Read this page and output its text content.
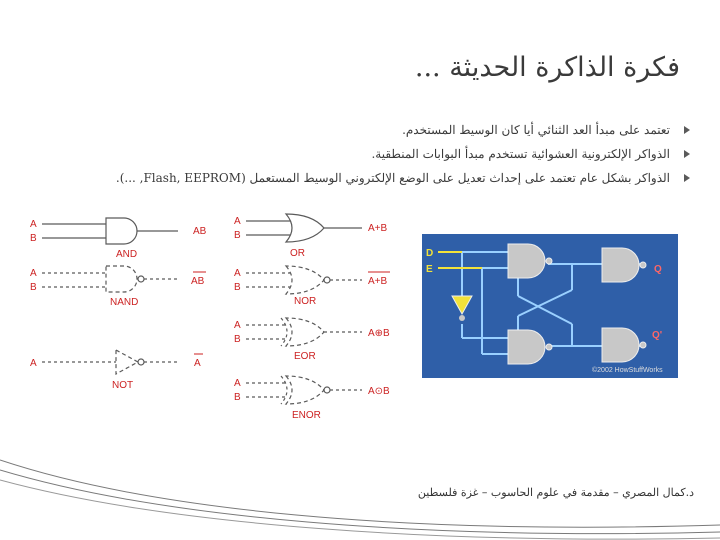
فكرة الذاكرة الحديثة ...
تعتمد على مبدأ العد الثنائي أيا كان الوسيط المستخدم.
الذواكر الإلكترونية العشوائية تستخدم مبدأ البوابات المنطقية.
الذواكر بشكل عام تعتمد على إحداث تعديل على الوضع الإلكتروني الوسيط المستعمل (Flash, EEPROM, ...).
A
B
AND
AB
A
B
NAND
AB
A
NOT
A
A
B
OR
A+B
A
B
NOR
A+B
A
B
EOR
A⊕B
A
B
ENOR
A⊙B
D
E	Q
Q'
©2002 HowStuffWorks
د.كمال المصري – مقدمة في علوم الحاسوب – غزة فلسطين
